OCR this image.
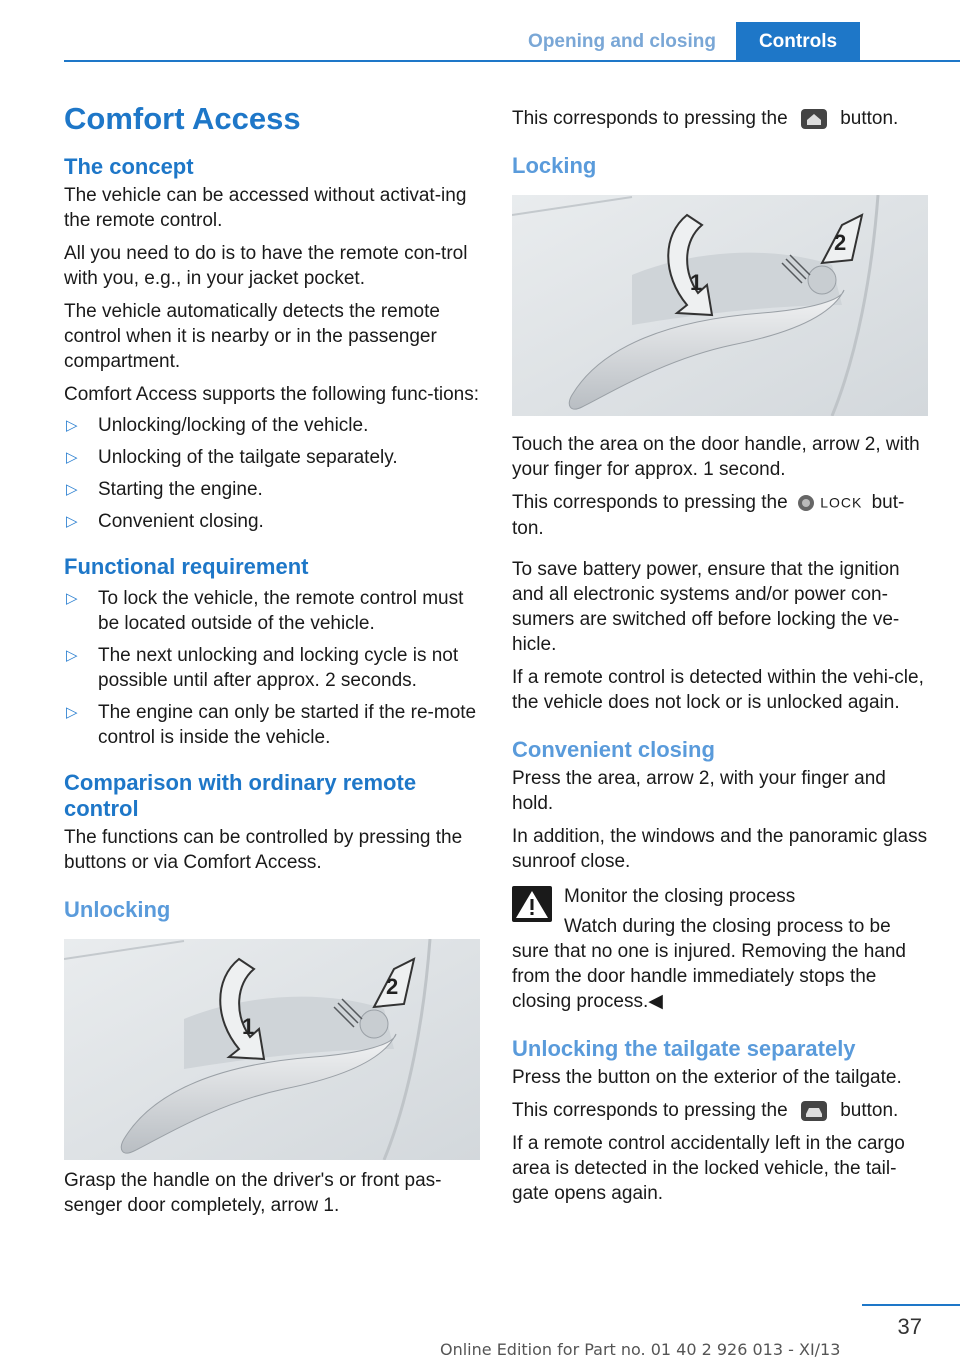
Opening and closing	Controls
Comfort Access
The concept

The vehicle can be accessed without activat-ing the remote control.

All you need to do is to have the remote con-trol with you, e.g., in your jacket pocket.

The vehicle automatically detects the remote control when it is nearby or in the passenger compartment.

Comfort Access supports the following func-tions:

▷ Unlocking/locking of the vehicle.
▷ Unlocking of the tailgate separately.
▷ Starting the engine.
▷ Convenient closing.
Functional requirement
▷ To lock the vehicle, the remote control must be located outside of the vehicle.
▷ The next unlocking and locking cycle is not possible until after approx. 2 seconds.
▷ The engine can only be started if the re-mote control is inside the vehicle.
Comparison with ordinary remote control

The functions can be controlled by pressing the buttons or via Comfort Access.

Unlocking
1
2

Grasp the handle on the driver's or front pas-senger door completely, arrow 1.

This corresponds to pressing the	button.

Locking
1
2

Touch the area on the door handle, arrow 2, with your finger for approx. 1 second.

This corresponds to pressing the LOCK but-ton.

To save battery power, ensure that the ignition and all electronic systems and/or power con-sumers are switched off before locking the ve-hicle.

If a remote control is detected within the vehi-cle, the vehicle does not lock or is unlocked again.

Convenient closing

Press the area, arrow 2, with your finger and hold.

In addition, the windows and the panoramic glass sunroof close.

Monitor the closing process

Watch during the closing process to be

sure that no one is injured. Removing the hand from the door handle immediately stops the closing process.◀

Unlocking the tailgate separately

Press the button on the exterior of the tailgate.

This corresponds to pressing the	button.

If a remote control accidentally left in the cargo area is detected in the locked vehicle, the tail-gate opens again.

37
Online Edition for Part no. 01 40 2 926 013 - XI/13
